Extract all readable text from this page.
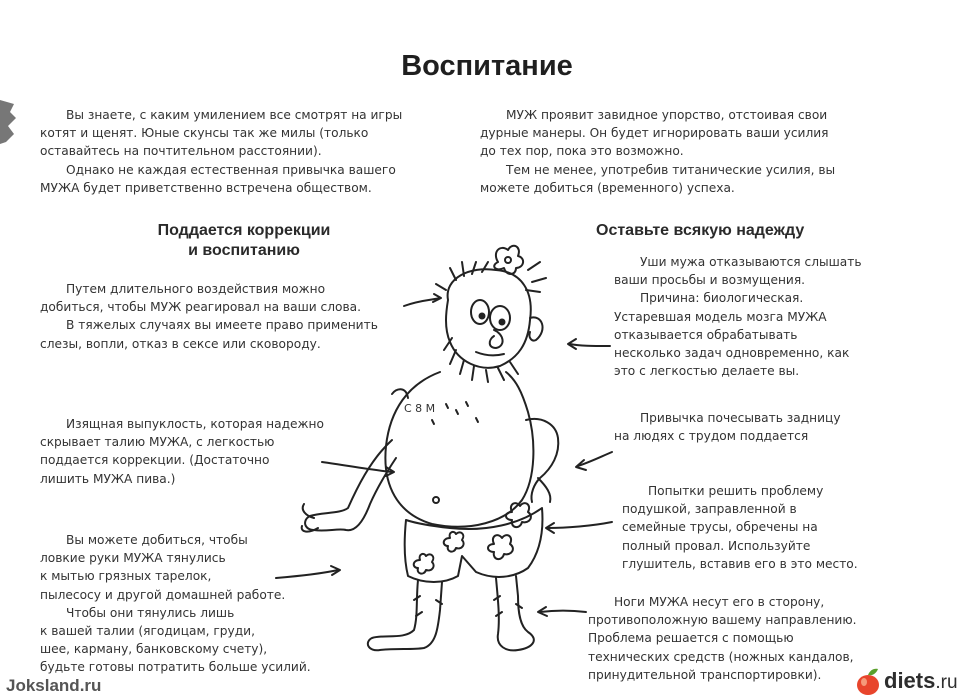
Воспитание
Вы знаете, с каким умилением все смотрят на игры
котят и щенят. Юные скунсы так же милы (только
оставайтесь на почтительном расстоянии).
Однако не каждая естественная привычка вашего
МУЖА будет приветственно встречена обществом.
МУЖ проявит завидное упорство, отстоивая свои
дурные манеры. Он будет игнорировать ваши усилия
до тех пор, пока это возможно.
Тем не менее, употребив титанические усилия, вы
можете добиться (временного) успеха.
Поддается коррекции
и воспитанию
Оставьте всякую надежду
Путем длительного воздействия можно
добиться, чтобы МУЖ реагировал на ваши слова.
В тяжелых случаях вы имеете право применить
слезы, вопли, отказ в сексе или сковороду.
Изящная выпуклость, которая надежно
скрывает талию МУЖА, с легкостью
поддается коррекции. (Достаточно
лишить МУЖА пива.)
Вы можете добиться, чтобы
ловкие руки МУЖА тянулись
к мытью грязных тарелок,
пылесосу и другой домашней работе.
Чтобы они тянулись лишь
к вашей талии (ягодицам, груди,
шее, карману, банковскому счету),
будьте готовы потратить больше усилий.
Уши мужа отказываются слышать
ваши просьбы и возмущения.
Причина: биологическая.
Устаревшая модель мозга МУЖА
отказывается обрабатывать
несколько задач одновременно, как
это с легкостью делаете вы.
Привычка почесывать задницу
на людях с трудом поддается
Попытки решить проблему
подушкой, заправленной в
семейные трусы, обречены на
полный провал. Используйте
глушитель, вставив его в это место.
Ноги МУЖА несут его в сторону,
противоположную вашему направлению.
Проблема решается с помощью
технических средств (ножных кандалов,
принудительной транспортировки).
С 8 М
Joksland.ru	diets.ru
